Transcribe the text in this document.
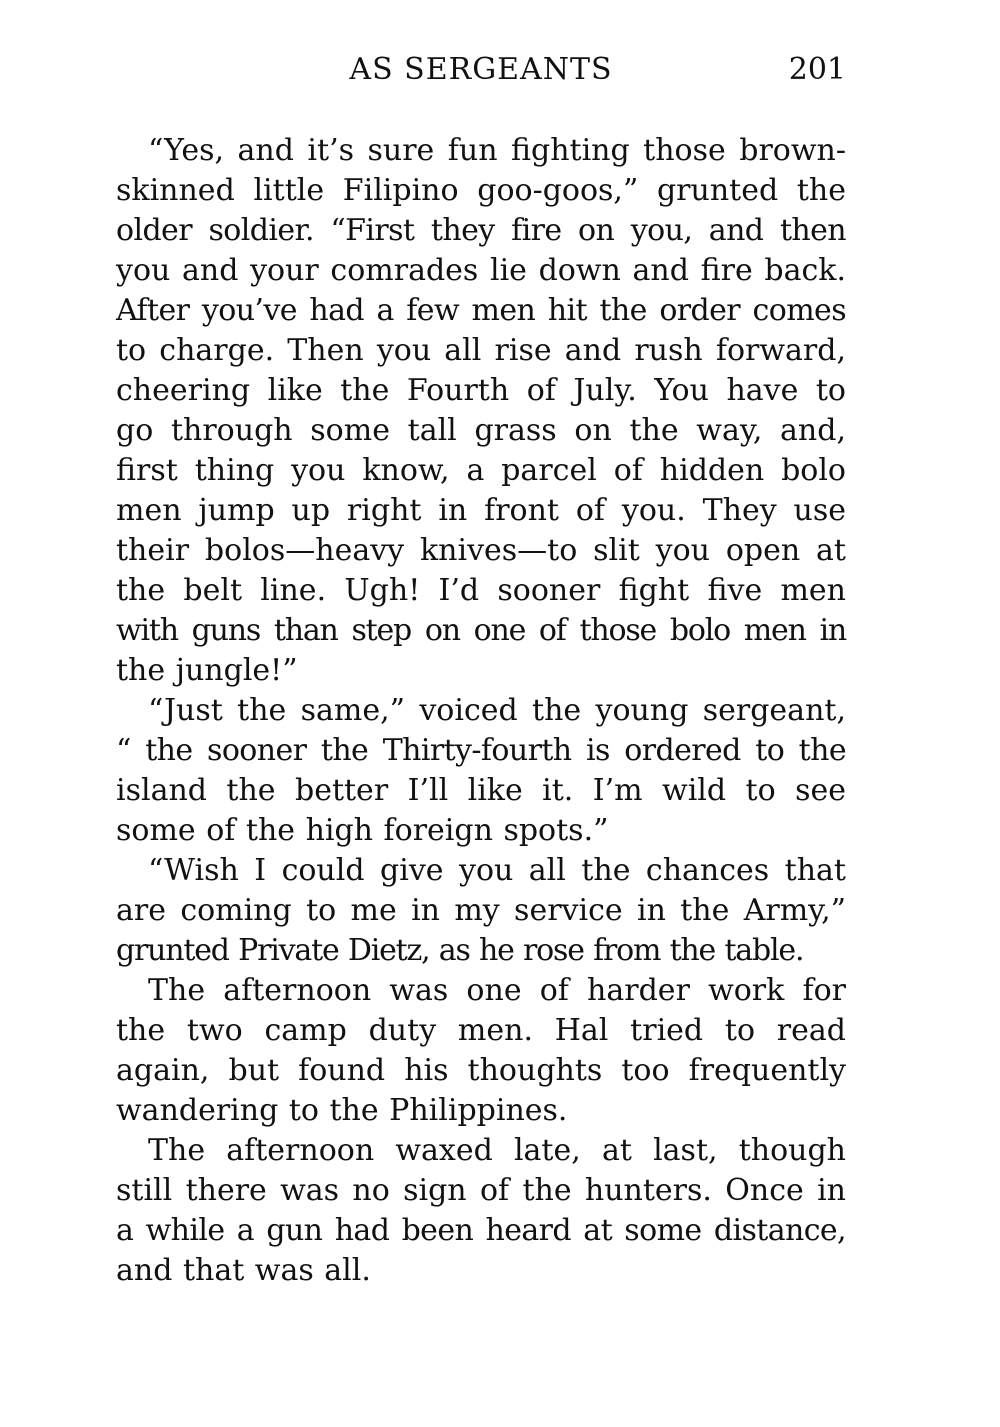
AS SERGEANTS	201
“Yes, and it’s sure fun fighting those brown-
skinned little Filipino goo-goos,” grunted the
older soldier. “First they fire on you, and then
you and your comrades lie down and fire back.
After you’ve had a few men hit the order comes
to charge. Then you all rise and rush forward,
cheering like the Fourth of July. You have to
go through some tall grass on the way, and,
first thing you know, a parcel of hidden bolo
men jump up right in front of you. They use
their bolos—heavy knives—to slit you open at
the belt line. Ugh! I’d sooner fight five men
with guns than step on one of those bolo men in
the jungle!”
“Just the same,” voiced the young sergeant,
“ the sooner the Thirty-fourth is ordered to the
island the better I’ll like it. I’m wild to see
some of the high foreign spots.”
“Wish I could give you all the chances that
are coming to me in my service in the Army,”
grunted Private Dietz, as he rose from the table.
The afternoon was one of harder work for
the two camp duty men. Hal tried to read
again, but found his thoughts too frequently
wandering to the Philippines.
The afternoon waxed late, at last, though
still there was no sign of the hunters. Once in
a while a gun had been heard at some distance,
and that was all.
